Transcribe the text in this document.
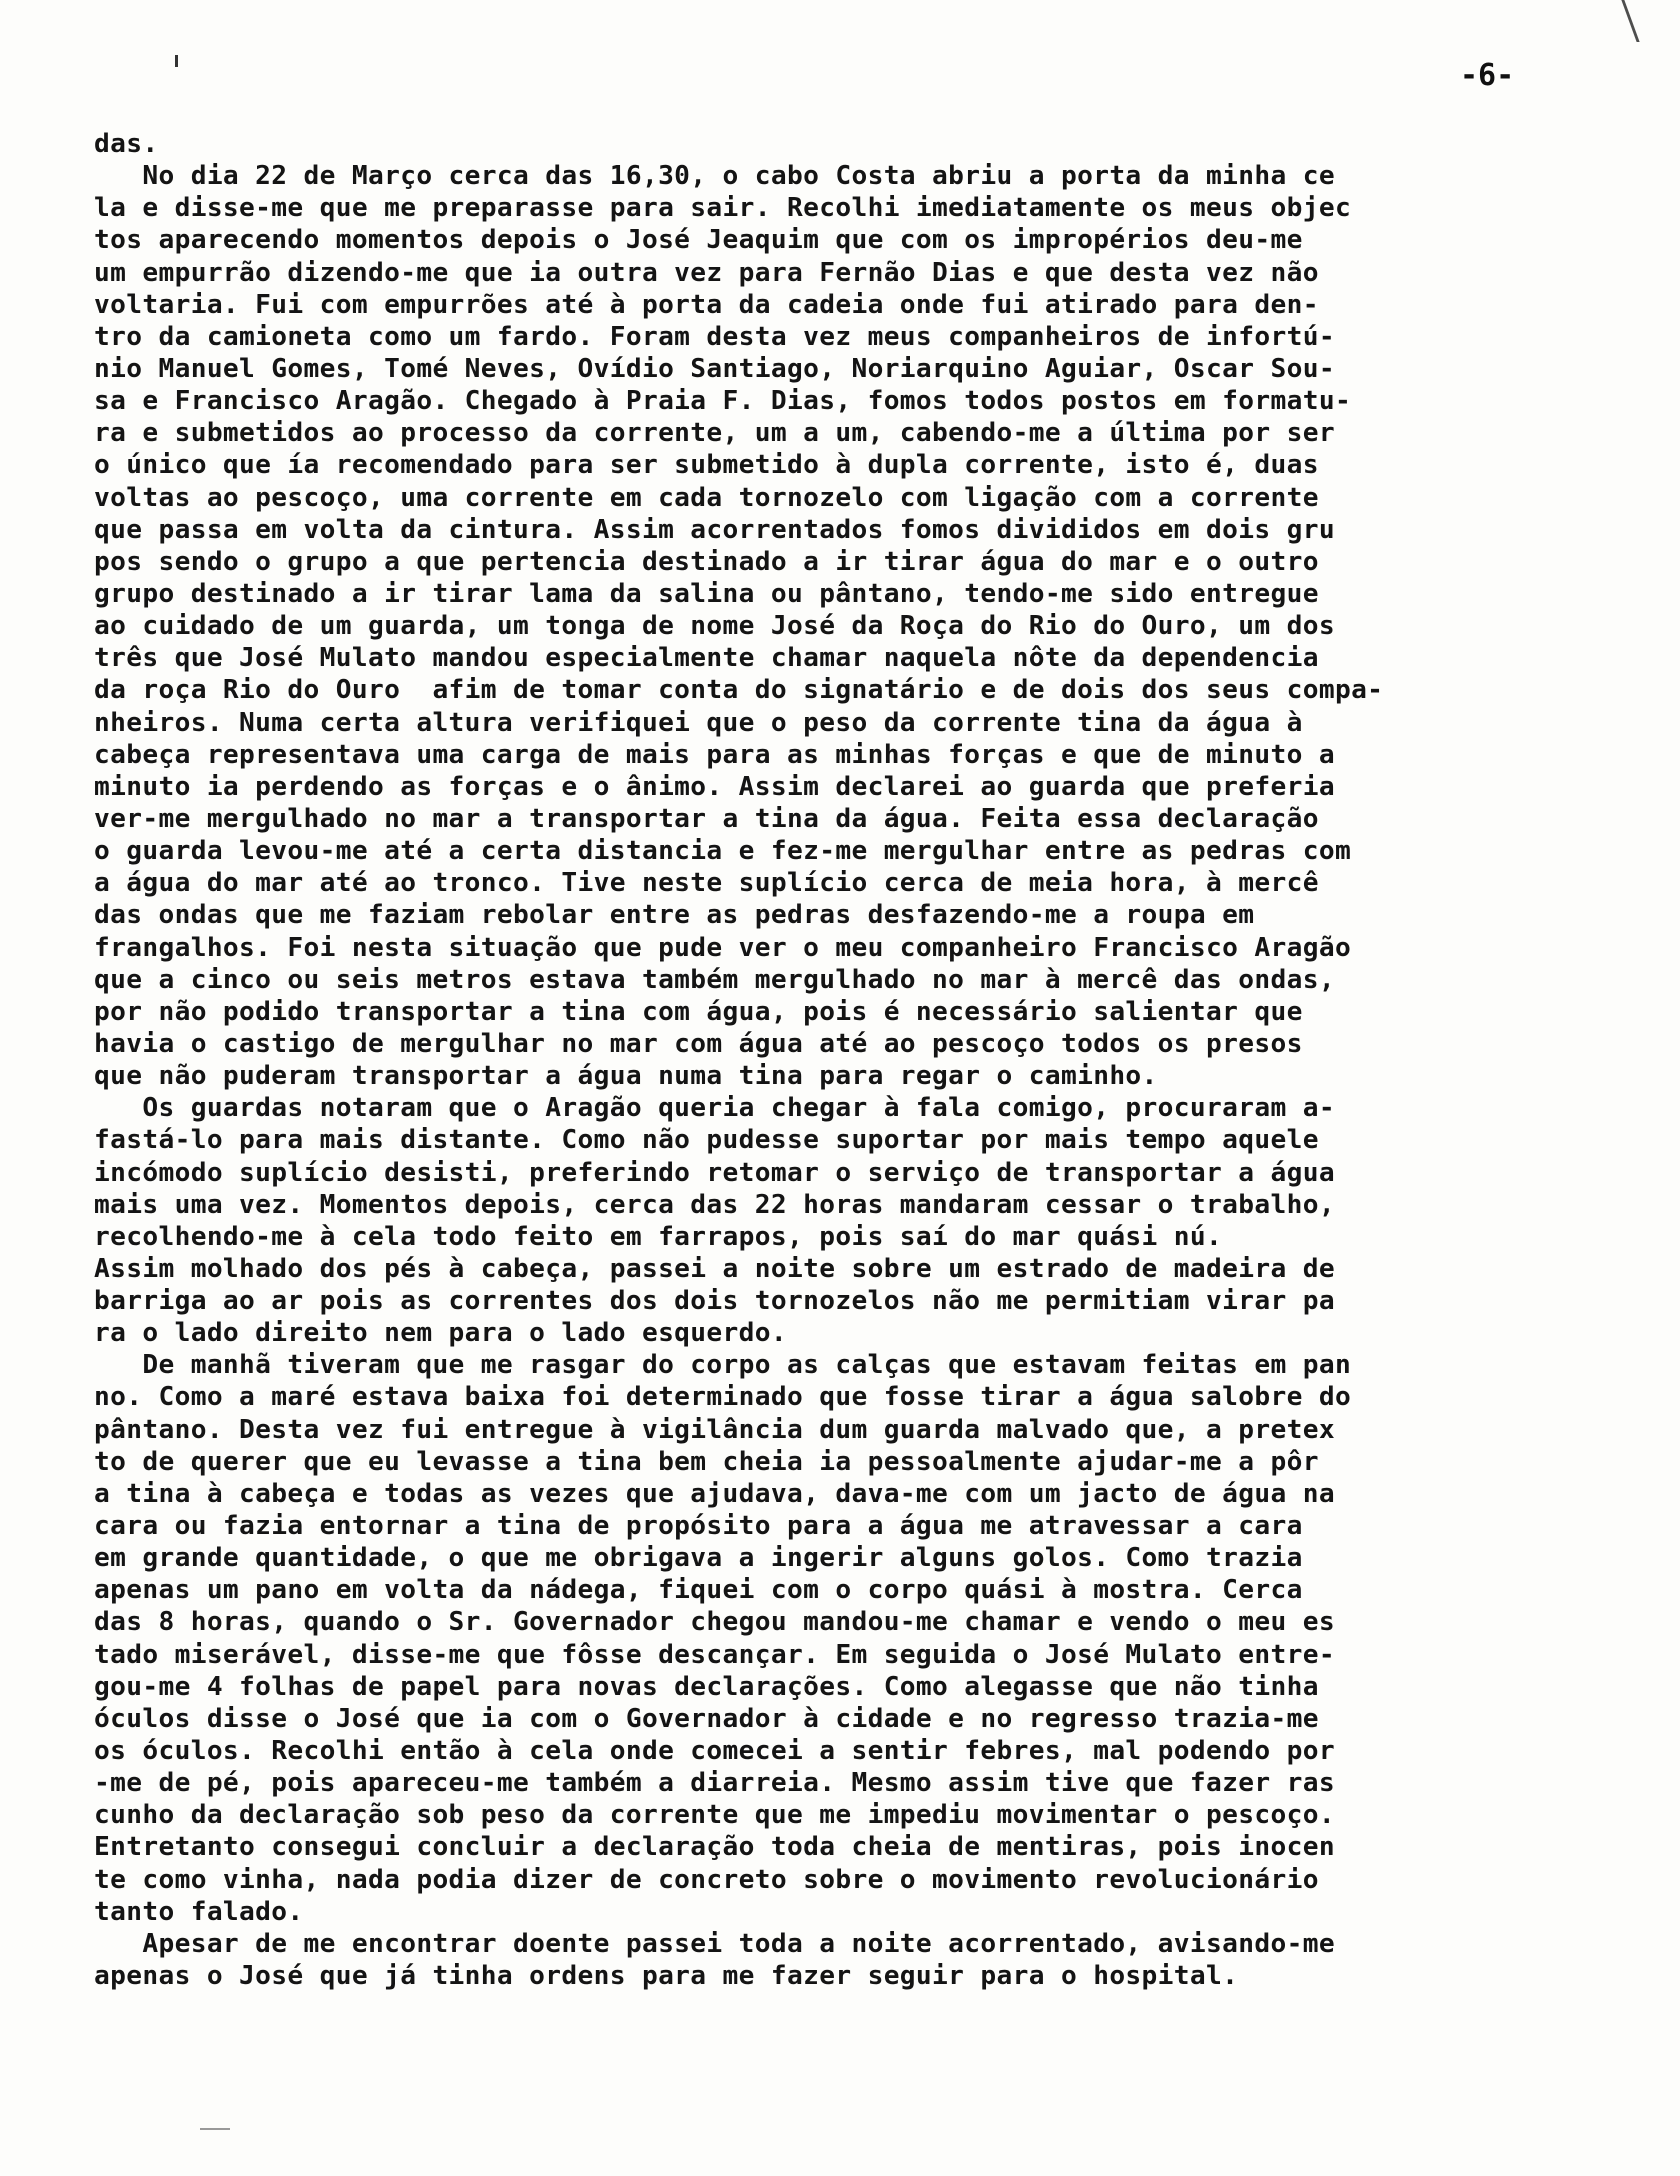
-6-
das.
No dia 22 de Março cerca das 16,30, o cabo Costa abriu a porta da minha ce
la e disse-me que me preparasse para sair. Recolhi imediatamente os meus objec
tos aparecendo momentos depois o José Jeaquim que com os impropérios deu-me
um empurrão dizendo-me que ia outra vez para Fernão Dias e que desta vez não
voltaria. Fui com empurrões até à porta da cadeia onde fui atirado para den-
tro da camioneta como um fardo. Foram desta vez meus companheiros de infortú-
nio Manuel Gomes, Tomé Neves, Ovídio Santiago, Noriarquino Aguiar, Oscar Sou-
sa e Francisco Aragão. Chegado à Praia F. Dias, fomos todos postos em formatu-
ra e submetidos ao processo da corrente, um a um, cabendo-me a última por ser
o único que ía recomendado para ser submetido à dupla corrente, isto é, duas
voltas ao pescoço, uma corrente em cada tornozelo com ligação com a corrente
que passa em volta da cintura. Assim acorrentados fomos divididos em dois gru
pos sendo o grupo a que pertencia destinado a ir tirar água do mar e o outro
grupo destinado a ir tirar lama da salina ou pântano, tendo-me sido entregue
ao cuidado de um guarda, um tonga de nome José da Roça do Rio do Ouro, um dos
três que José Mulato mandou especialmente chamar naquela nôte da dependencia
da roça Rio do Ouro  afim de tomar conta do signatário e de dois dos seus compa-
nheiros. Numa certa altura verifiquei que o peso da corrente tina da água à
cabeça representava uma carga de mais para as minhas forças e que de minuto a
minuto ia perdendo as forças e o ânimo. Assim declarei ao guarda que preferia
ver-me mergulhado no mar a transportar a tina da água. Feita essa declaração
o guarda levou-me até a certa distancia e fez-me mergulhar entre as pedras com
a água do mar até ao tronco. Tive neste suplício cerca de meia hora, à mercê
das ondas que me faziam rebolar entre as pedras desfazendo-me a roupa em
frangalhos. Foi nesta situação que pude ver o meu companheiro Francisco Aragão
que a cinco ou seis metros estava também mergulhado no mar à mercê das ondas,
por não podido transportar a tina com água, pois é necessário salientar que
havia o castigo de mergulhar no mar com água até ao pescoço todos os presos
que não puderam transportar a água numa tina para regar o caminho.
Os guardas notaram que o Aragão queria chegar à fala comigo, procuraram a-
fastá-lo para mais distante. Como não pudesse suportar por mais tempo aquele
incómodo suplício desisti, preferindo retomar o serviço de transportar a água
mais uma vez. Momentos depois, cerca das 22 horas mandaram cessar o trabalho,
recolhendo-me à cela todo feito em farrapos, pois saí do mar quási nú.
Assim molhado dos pés à cabeça, passei a noite sobre um estrado de madeira de
barriga ao ar pois as correntes dos dois tornozelos não me permitiam virar pa
ra o lado direito nem para o lado esquerdo.
De manhã tiveram que me rasgar do corpo as calças que estavam feitas em pan
no. Como a maré estava baixa foi determinado que fosse tirar a água salobre do
pântano. Desta vez fui entregue à vigilância dum guarda malvado que, a pretex
to de querer que eu levasse a tina bem cheia ia pessoalmente ajudar-me a pôr
a tina à cabeça e todas as vezes que ajudava, dava-me com um jacto de água na
cara ou fazia entornar a tina de propósito para a água me atravessar a cara
em grande quantidade, o que me obrigava a ingerir alguns golos. Como trazia
apenas um pano em volta da nádega, fiquei com o corpo quási à mostra. Cerca
das 8 horas, quando o Sr. Governador chegou mandou-me chamar e vendo o meu es
tado miserável, disse-me que fôsse descançar. Em seguida o José Mulato entre-
gou-me 4 folhas de papel para novas declarações. Como alegasse que não tinha
óculos disse o José que ia com o Governador à cidade e no regresso trazia-me
os óculos. Recolhi então à cela onde comecei a sentir febres, mal podendo por
-me de pé, pois apareceu-me também a diarreia. Mesmo assim tive que fazer ras
cunho da declaração sob peso da corrente que me impediu movimentar o pescoço.
Entretanto consegui concluir a declaração toda cheia de mentiras, pois inocen
te como vinha, nada podia dizer de concreto sobre o movimento revolucionário
tanto falado.
Apesar de me encontrar doente passei toda a noite acorrentado, avisando-me
apenas o José que já tinha ordens para me fazer seguir para o hospital.
